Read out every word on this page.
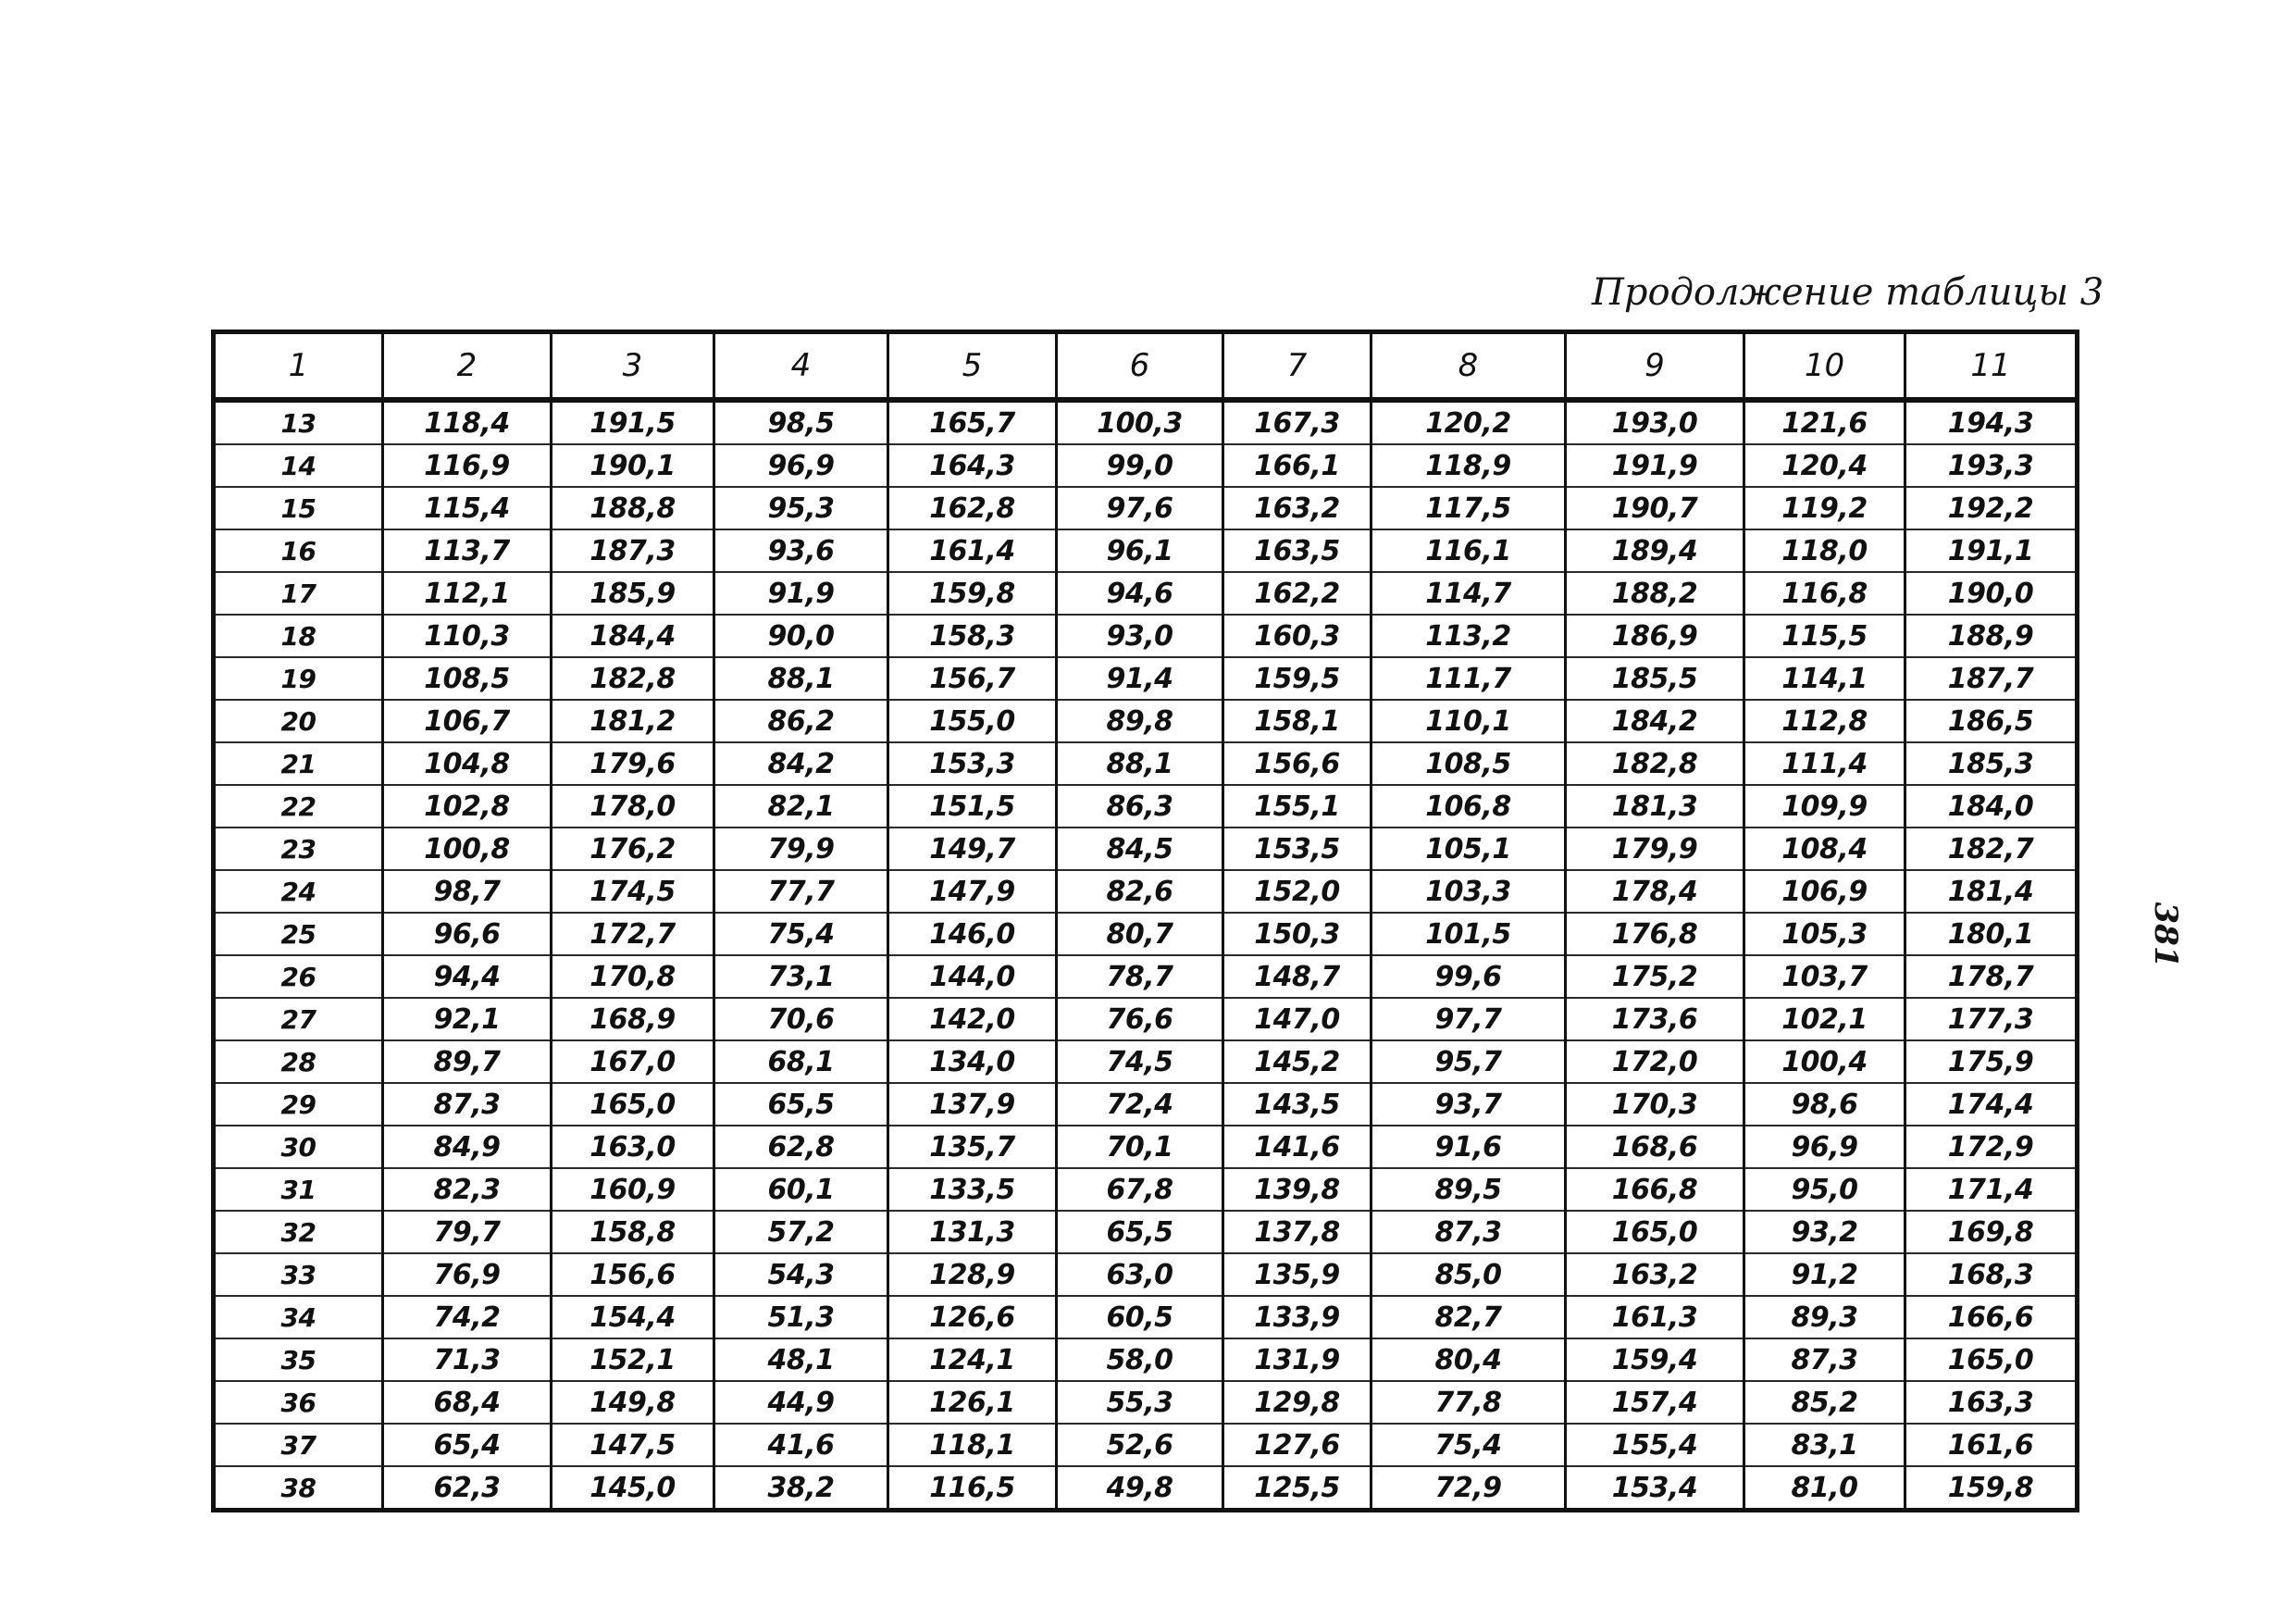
Продолжение таблицы 3
381
1	2	3	4	5	6	7	8	9	10	11
13	118,4	191,5	98,5	165,7	100,3	167,3	120,2	193,0	121,6	194,3
14	116,9	190,1	96,9	164,3	99,0	166,1	118,9	191,9	120,4	193,3
15	115,4	188,8	95,3	162,8	97,6	163,2	117,5	190,7	119,2	192,2
16	113,7	187,3	93,6	161,4	96,1	163,5	116,1	189,4	118,0	191,1
17	112,1	185,9	91,9	159,8	94,6	162,2	114,7	188,2	116,8	190,0
18	110,3	184,4	90,0	158,3	93,0	160,3	113,2	186,9	115,5	188,9
19	108,5	182,8	88,1	156,7	91,4	159,5	111,7	185,5	114,1	187,7
20	106,7	181,2	86,2	155,0	89,8	158,1	110,1	184,2	112,8	186,5
21	104,8	179,6	84,2	153,3	88,1	156,6	108,5	182,8	111,4	185,3
22	102,8	178,0	82,1	151,5	86,3	155,1	106,8	181,3	109,9	184,0
23	100,8	176,2	79,9	149,7	84,5	153,5	105,1	179,9	108,4	182,7
24	98,7	174,5	77,7	147,9	82,6	152,0	103,3	178,4	106,9	181,4
25	96,6	172,7	75,4	146,0	80,7	150,3	101,5	176,8	105,3	180,1
26	94,4	170,8	73,1	144,0	78,7	148,7	99,6	175,2	103,7	178,7
27	92,1	168,9	70,6	142,0	76,6	147,0	97,7	173,6	102,1	177,3
28	89,7	167,0	68,1	134,0	74,5	145,2	95,7	172,0	100,4	175,9
29	87,3	165,0	65,5	137,9	72,4	143,5	93,7	170,3	98,6	174,4
30	84,9	163,0	62,8	135,7	70,1	141,6	91,6	168,6	96,9	172,9
31	82,3	160,9	60,1	133,5	67,8	139,8	89,5	166,8	95,0	171,4
32	79,7	158,8	57,2	131,3	65,5	137,8	87,3	165,0	93,2	169,8
33	76,9	156,6	54,3	128,9	63,0	135,9	85,0	163,2	91,2	168,3
34	74,2	154,4	51,3	126,6	60,5	133,9	82,7	161,3	89,3	166,6
35	71,3	152,1	48,1	124,1	58,0	131,9	80,4	159,4	87,3	165,0
36	68,4	149,8	44,9	126,1	55,3	129,8	77,8	157,4	85,2	163,3
37	65,4	147,5	41,6	118,1	52,6	127,6	75,4	155,4	83,1	161,6
38	62,3	145,0	38,2	116,5	49,8	125,5	72,9	153,4	81,0	159,8
